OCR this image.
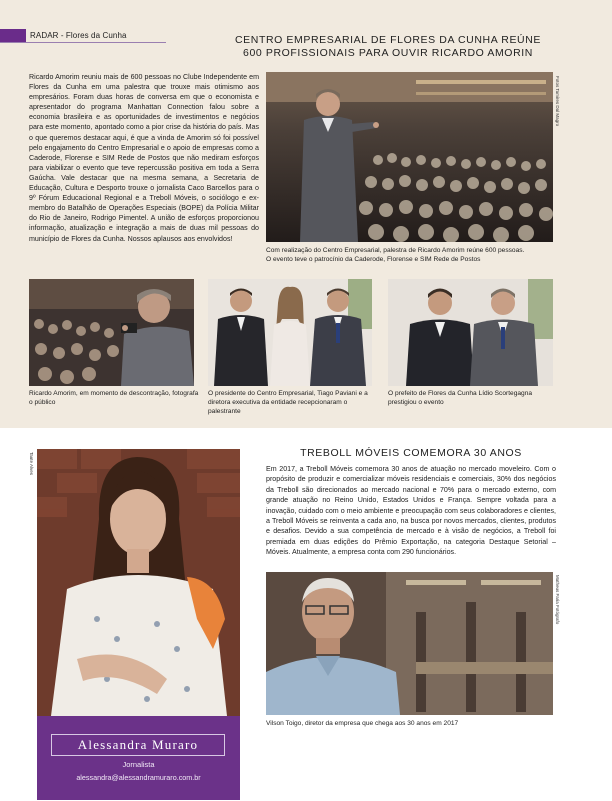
RADAR - Flores da Cunha	CENTRO EMPRESARIAL DE FLORES DA CUNHA REÚNE
600 PROFISSIONAIS PARA OUVIR RICARDO AMORIN

Ricardo Amorim reuniu mais de 600 pessoas no Clube Independente em Flores da Cunha em uma palestra que trouxe mais otimismo aos empresários. Foram duas horas de conversa em que o economista e apresentador do programa Manhattan Connection falou sobre a economia brasileira e as oportunidades de investimentos e negócios para este momento, apontado como a pior crise da história do país. Mas o que queremos destacar aqui, é que a vinda de Amorim só foi possível pelo engajamento do Centro Empresarial e o apoio de empresas como a Caderode, Florense e SIM Rede de Postos que não mediram esforços para viabilizar o evento que teve repercussão positiva em toda a Serra Gaúcha. Vale destacar que na mesma semana, a Secretaria de Educação, Cultura e Desporto trouxe o jornalista Caco Barcellos para o 9º Fórum Educacional Regional e a Treboll Móveis, o sociólogo e ex-membro do Batalhão de Operações Especiais (BOPE) da Polícia Militar do Rio de Janeiro, Rodrigo Pimentel. A união de esforços proporcionou informação, atualização e integração a mais de duas mil pessoas do município de Flores da Cunha. Nossos aplausos aos envolvidos!

Fotos Tamires Dal Magro
Com realização do Centro Empresarial, palestra de Ricardo Amorim reúne 600 pessoas.
O evento teve o patrocínio da Caderode, Florense e SIM Rede de Postos
Ricardo Amorim, em momento de descontração, fotografa o público
O presidente do Centro Empresarial, Tiago Paviani e a diretora executiva da entidade recepcionaram o palestrante
O prefeito de Flores da Cunha Lídio Scortegagna prestigiou o evento
Taute Alves
Alessandra Muraro
Jornalista
alessandra@alessandramuraro.com.br
TREBOLL MÓVEIS COMEMORA 30 ANOS

Em 2017, a Treboll Móveis comemora 30 anos de atuação no mercado moveleiro. Com o propósito de produzir e comercializar móveis residenciais e comerciais, 30% dos negócios da Treboll são direcionados ao mercado nacional e 70% para o mercado externo, com grande atuação no Reino Unido, Estados Unidos e França. Sempre voltada para a inovação, cuidado com o meio ambiente e preocupação com seus colaboradores e clientes, a Treboll Móveis se reinventa a cada ano, na busca por novos mercados, clientes, produtos e desafios. Devido a sua competência de mercado e à visão de negócios, a Treboll foi premiada em duas edições do Prêmio Exportação, na categoria Destaque Setorial – Móveis. Atualmente, a empresa conta com 290 funcionários.

Matheus Faria Fotógrafo
Vilson Toigo, diretor da empresa que chega aos 30 anos em 2017
